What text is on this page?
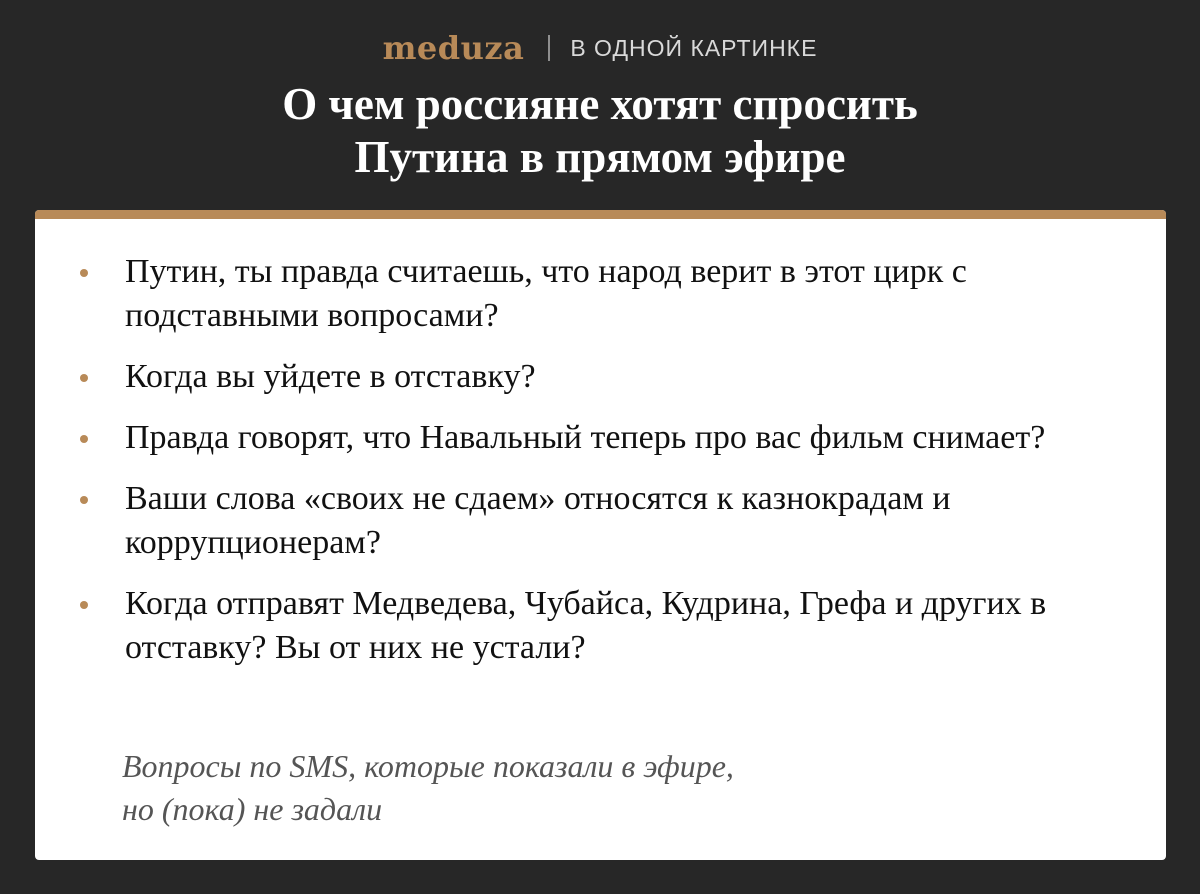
meduza В ОДНОЙ КАРТИНКЕ
О чем россияне хотят спросить
Путина в прямом эфире
Путин, ты правда считаешь, что народ верит в этот цирк с подставными вопросами?
Когда вы уйдете в отставку?
Правда говорят, что Навальный теперь про вас фильм снимает?
Ваши слова «своих не сдаем» относятся к казнокрадам и коррупционерам?
Когда отправят Медведева, Чубайса, Кудрина, Грефа и других в отставку? Вы от них не устали?

Вопросы по SMS, которые показали в эфире,
но (пока) не задали
